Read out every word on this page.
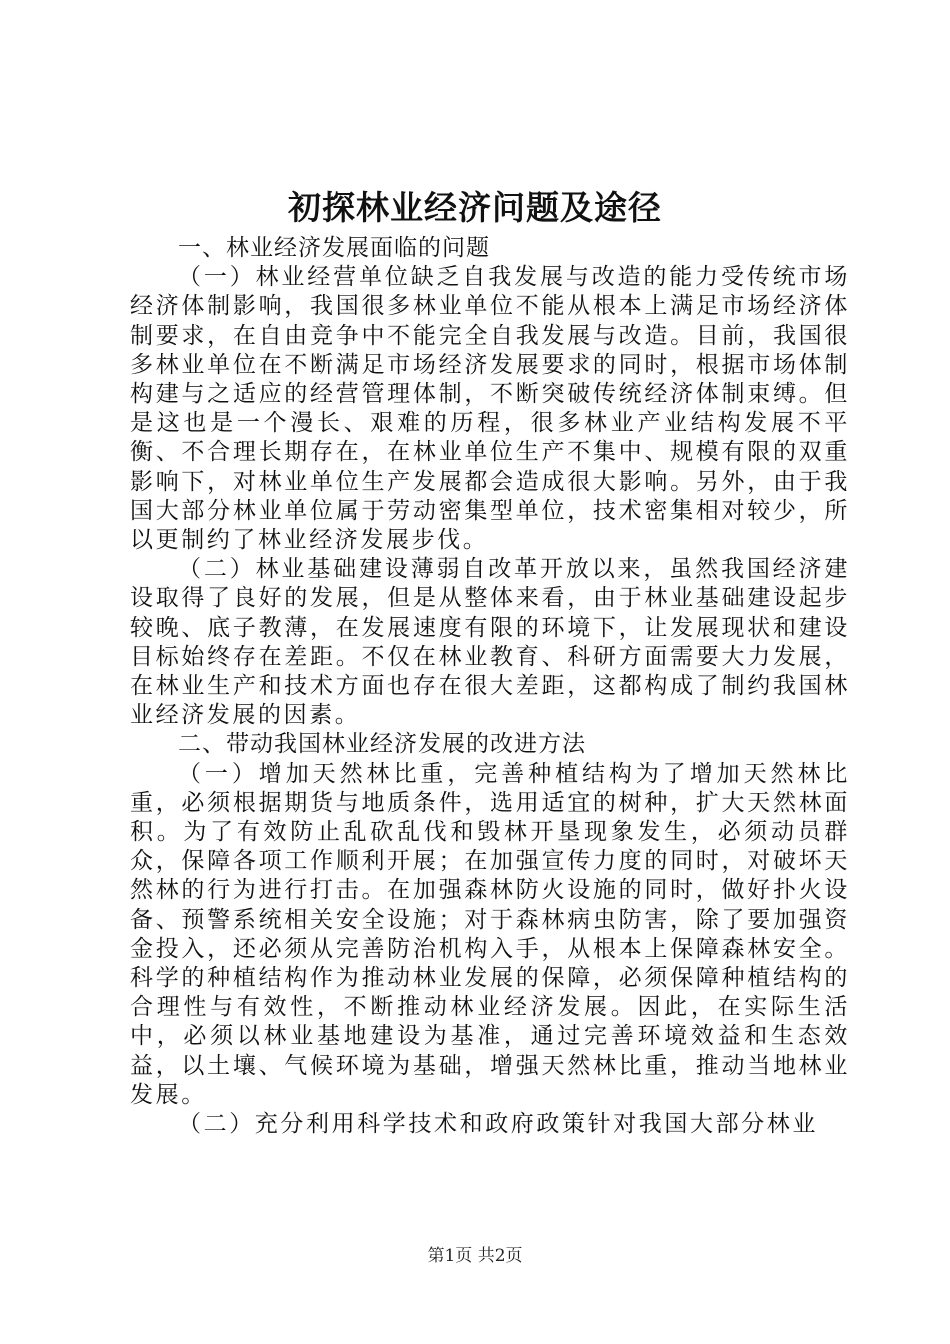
初探林业经济问题及途径

一、林业经济发展面临的问题

（一）林业经营单位缺乏自我发展与改造的能力受传统市场经济体制影响，我国很多林业单位不能从根本上满足市场经济体制要求，在自由竞争中不能完全自我发展与改造。目前，我国很多林业单位在不断满足市场经济发展要求的同时，根据市场体制构建与之适应的经营管理体制，不断突破传统经济体制束缚。但是这也是一个漫长、艰难的历程，很多林业产业结构发展不平衡、不合理长期存在，在林业单位生产不集中、规模有限的双重影响下，对林业单位生产发展都会造成很大影响。另外，由于我国大部分林业单位属于劳动密集型单位，技术密集相对较少，所以更制约了林业经济发展步伐。

（二）林业基础建设薄弱自改革开放以来，虽然我国经济建设取得了良好的发展，但是从整体来看，由于林业基础建设起步较晚、底子教薄，在发展速度有限的环境下，让发展现状和建设目标始终存在差距。不仅在林业教育、科研方面需要大力发展，在林业生产和技术方面也存在很大差距，这都构成了制约我国林业经济发展的因素。

二、带动我国林业经济发展的改进方法

（一）增加天然林比重，完善种植结构为了增加天然林比重，必须根据期货与地质条件，选用适宜的树种，扩大天然林面积。为了有效防止乱砍乱伐和毁林开垦现象发生，必须动员群众，保障各项工作顺利开展；在加强宣传力度的同时，对破坏天然林的行为进行打击。在加强森林防火设施的同时，做好扑火设备、预警系统相关安全设施；对于森林病虫防害，除了要加强资金投入，还必须从完善防治机构入手，从根本上保障森林安全。科学的种植结构作为推动林业发展的保障，必须保障种植结构的合理性与有效性，不断推动林业经济发展。因此，在实际生活中，必须以林业基地建设为基准，通过完善环境效益和生态效益，以土壤、气候环境为基础，增强天然林比重，推动当地林业发展。

（二）充分利用科学技术和政府政策针对我国大部分林业

第1页 共2页
